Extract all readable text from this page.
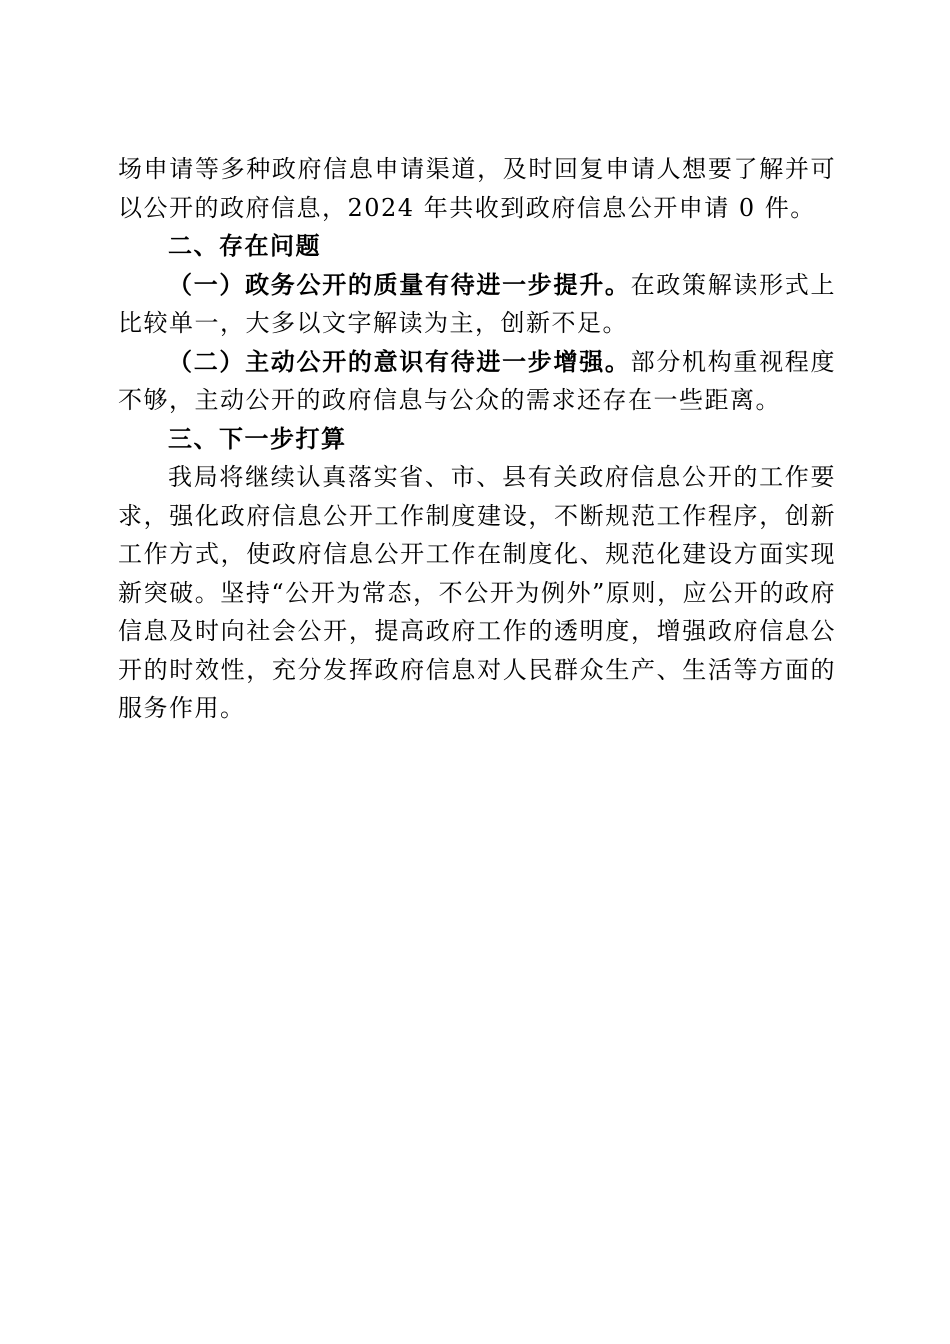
场申请等多种政府信息申请渠道，及时回复申请人想要了解并可以公开的政府信息，2024 年共收到政府信息公开申请 0 件。

二、存在问题

（一）政务公开的质量有待进一步提升。在政策解读形式上比较单一，大多以文字解读为主，创新不足。

（二）主动公开的意识有待进一步增强。部分机构重视程度不够，主动公开的政府信息与公众的需求还存在一些距离。

三、下一步打算

我局将继续认真落实省、市、县有关政府信息公开的工作要求，强化政府信息公开工作制度建设，不断规范工作程序，创新工作方式，使政府信息公开工作在制度化、规范化建设方面实现新突破。坚持“公开为常态，不公开为例外”原则，应公开的政府信息及时向社会公开，提高政府工作的透明度，增强政府信息公开的时效性，充分发挥政府信息对人民群众生产、生活等方面的服务作用。
